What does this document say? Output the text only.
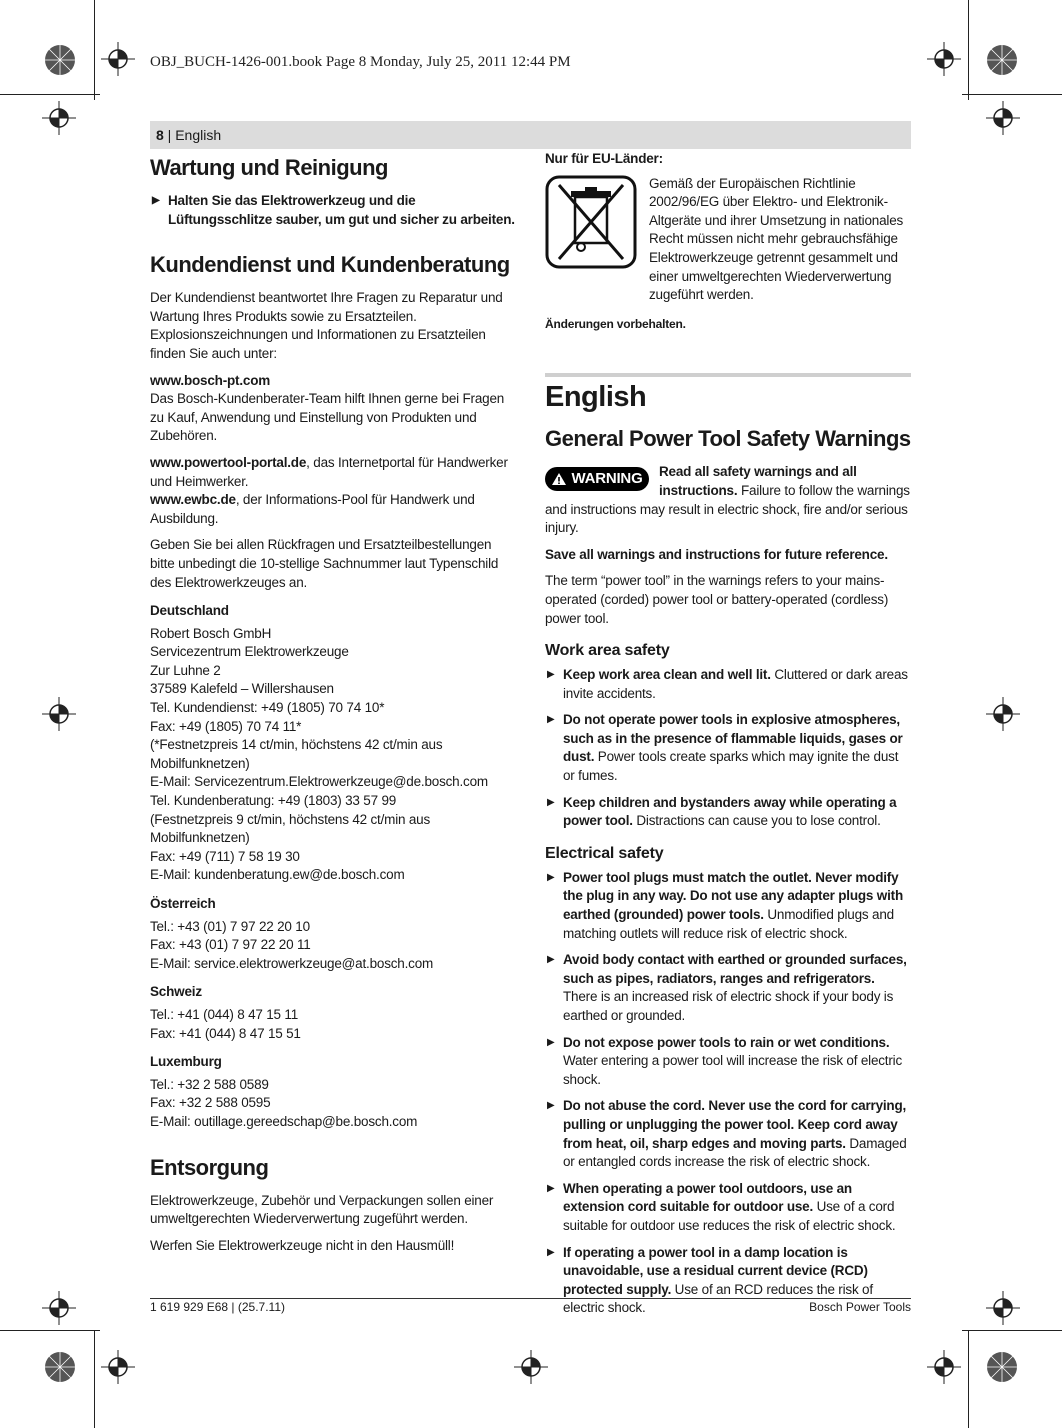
OBJ_BUCH-1426-001.book Page 8 Monday, July 25, 2011 12:44 PM
8 | English
Wartung und Reinigung
▶ Halten Sie das Elektrowerkzeug und die Lüftungsschlitze sauber, um gut und sicher zu arbeiten.
Kundendienst und Kundenberatung

Der Kundendienst beantwortet Ihre Fragen zu Reparatur und Wartung Ihres Produkts sowie zu Ersatzteilen. Explosionszeichnungen und Informationen zu Ersatzteilen finden Sie auch unter:

www.bosch-pt.com

Das Bosch-Kundenberater-Team hilft Ihnen gerne bei Fragen zu Kauf, Anwendung und Einstellung von Produkten und Zubehören.

www.powertool-portal.de, das Internetportal für Handwerker und Heimwerker.

www.ewbc.de, der Informations-Pool für Handwerk und Ausbildung.

Geben Sie bei allen Rückfragen und Ersatzteilbestellungen bitte unbedingt die 10-stellige Sachnummer laut Typenschild des Elektrowerkzeuges an.

Deutschland
Robert Bosch GmbH
Servicezentrum Elektrowerkzeuge
Zur Luhne 2
37589 Kalefeld – Willershausen
Tel. Kundendienst: +49 (1805) 70 74 10*
Fax: +49 (1805) 70 74 11*
(*Festnetzpreis 14 ct/min, höchstens 42 ct/min aus Mobilfunknetzen)
E-Mail: Servicezentrum.Elektrowerkzeuge@de.bosch.com
Tel. Kundenberatung: +49 (1803) 33 57 99
(Festnetzpreis 9 ct/min, höchstens 42 ct/min aus Mobilfunknetzen)
Fax: +49 (711) 7 58 19 30
E-Mail: kundenberatung.ew@de.bosch.com
Österreich
Tel.: +43 (01) 7 97 22 20 10
Fax: +43 (01) 7 97 22 20 11
E-Mail: service.elektrowerkzeuge@at.bosch.com
Schweiz
Tel.: +41 (044) 8 47 15 11
Fax: +41 (044) 8 47 15 51
Luxemburg
Tel.: +32 2 588 0589
Fax: +32 2 588 0595
E-Mail: outillage.gereedschap@be.bosch.com
Entsorgung

Elektrowerkzeuge, Zubehör und Verpackungen sollen einer umweltgerechten Wiederverwertung zugeführt werden.

Werfen Sie Elektrowerkzeuge nicht in den Hausmüll!

Nur für EU-Länder:
Gemäß der Europäischen Richtlinie 2002/96/EG über Elektro- und Elektronik-Altgeräte und ihrer Umsetzung in nationales Recht müssen nicht mehr gebrauchsfähige Elektrowerkzeuge getrennt gesammelt und einer umweltgerechten Wiederverwertung zugeführt werden.
Änderungen vorbehalten.
English
General Power Tool Safety Warnings
WARNING Read all safety warnings and all instructions. Failure to follow the warnings and instructions may result in electric shock, fire and/or serious injury.

Save all warnings and instructions for future reference.

The term “power tool” in the warnings refers to your mains-operated (corded) power tool or battery-operated (cordless) power tool.

Work area safety
▶ Keep work area clean and well lit. Cluttered or dark areas invite accidents.
▶ Do not operate power tools in explosive atmospheres, such as in the presence of flammable liquids, gases or dust. Power tools create sparks which may ignite the dust or fumes.
▶ Keep children and bystanders away while operating a power tool. Distractions can cause you to lose control.
Electrical safety
▶ Power tool plugs must match the outlet. Never modify the plug in any way. Do not use any adapter plugs with earthed (grounded) power tools. Unmodified plugs and matching outlets will reduce risk of electric shock.
▶ Avoid body contact with earthed or grounded surfaces, such as pipes, radiators, ranges and refrigerators. There is an increased risk of electric shock if your body is earthed or grounded.
▶ Do not expose power tools to rain or wet conditions. Water entering a power tool will increase the risk of electric shock.
▶ Do not abuse the cord. Never use the cord for carrying, pulling or unplugging the power tool. Keep cord away from heat, oil, sharp edges and moving parts. Damaged or entangled cords increase the risk of electric shock.
▶ When operating a power tool outdoors, use an extension cord suitable for outdoor use. Use of a cord suitable for outdoor use reduces the risk of electric shock.
▶ If operating a power tool in a damp location is unavoidable, use a residual current device (RCD) protected supply. Use of an RCD reduces the risk of electric shock.
1 619 929 E68 | (25.7.11)	Bosch Power Tools
